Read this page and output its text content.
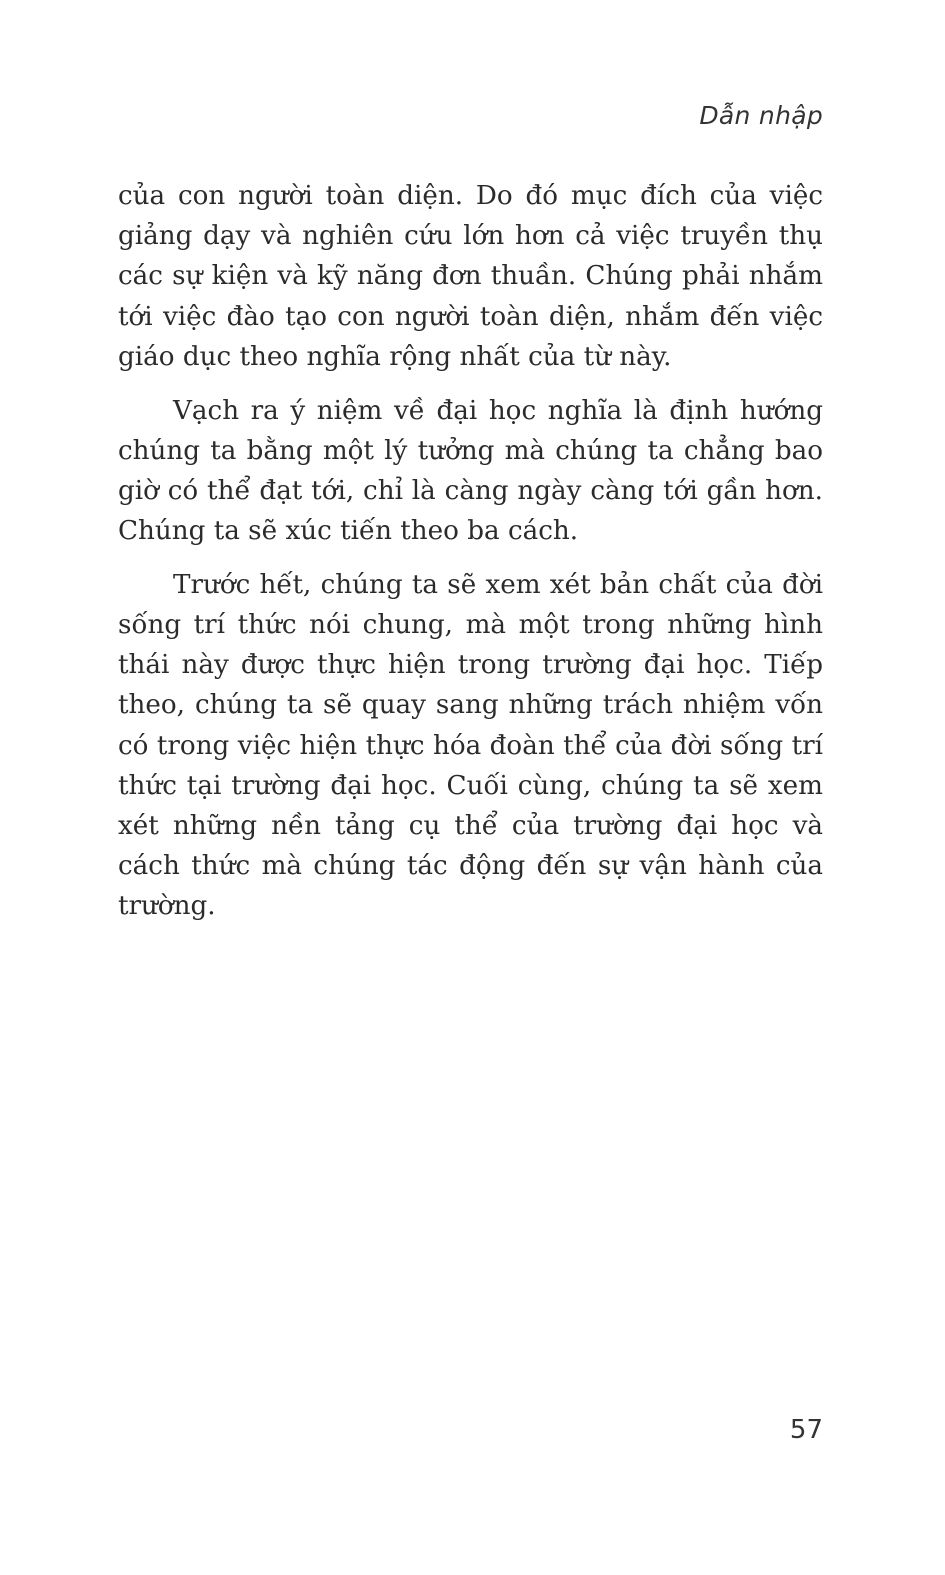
Dẫn nhập

của con người toàn diện. Do đó mục đích của việc giảng dạy và nghiên cứu lớn hơn cả việc truyền thụ các sự kiện và kỹ năng đơn thuần. Chúng phải nhắm tới việc đào tạo con người toàn diện, nhắm đến việc giáo dục theo nghĩa rộng nhất của từ này.

Vạch ra ý niệm về đại học nghĩa là định hướng chúng ta bằng một lý tưởng mà chúng ta chẳng bao giờ có thể đạt tới, chỉ là càng ngày càng tới gần hơn. Chúng ta sẽ xúc tiến theo ba cách.

Trước hết, chúng ta sẽ xem xét bản chất của đời sống trí thức nói chung, mà một trong những hình thái này được thực hiện trong trường đại học. Tiếp theo, chúng ta sẽ quay sang những trách nhiệm vốn có trong việc hiện thực hóa đoàn thể của đời sống trí thức tại trường đại học. Cuối cùng, chúng ta sẽ xem xét những nền tảng cụ thể của trường đại học và cách thức mà chúng tác động đến sự vận hành của trường.

57
